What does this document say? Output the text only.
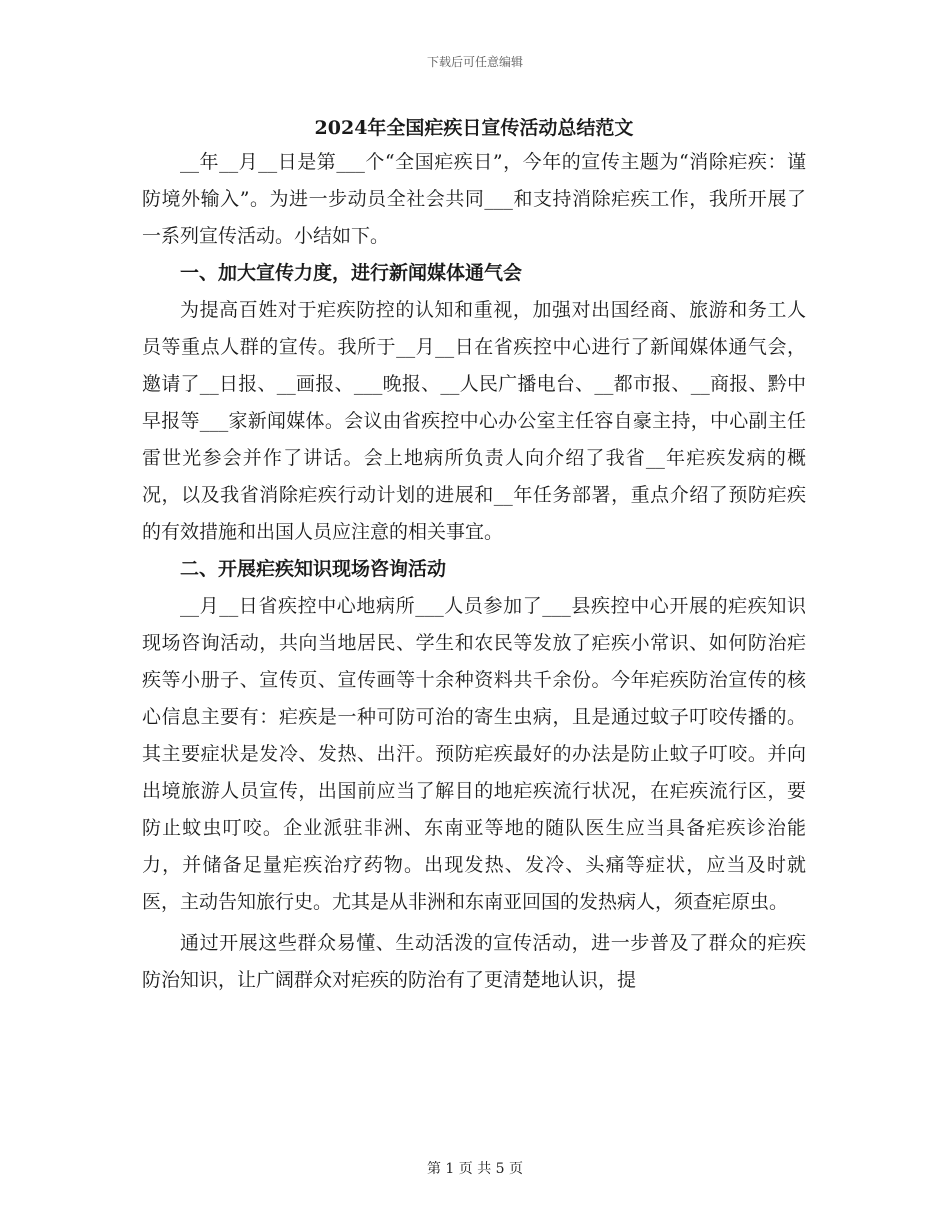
下载后可任意编辑
2024年全国疟疾日宣传活动总结范文

__年__月__日是第___个“全国疟疾日”，今年的宣传主题为“消除疟疾：谨防境外输入”。为进一步动员全社会共同___和支持消除疟疾工作，我所开展了一系列宣传活动。小结如下。

一、加大宣传力度，进行新闻媒体通气会

为提高百姓对于疟疾防控的认知和重视，加强对出国经商、旅游和务工人员等重点人群的宣传。我所于__月__日在省疾控中心进行了新闻媒体通气会，邀请了__日报、__画报、___晚报、__人民广播电台、__都市报、__商报、黔中早报等___家新闻媒体。会议由省疾控中心办公室主任容自豪主持，中心副主任雷世光参会并作了讲话。会上地病所负责人向介绍了我省__年疟疾发病的概况，以及我省消除疟疾行动计划的进展和__年任务部署，重点介绍了预防疟疾的有效措施和出国人员应注意的相关事宜。

二、开展疟疾知识现场咨询活动

__月__日省疾控中心地病所___人员参加了___县疾控中心开展的疟疾知识现场咨询活动，共向当地居民、学生和农民等发放了疟疾小常识、如何防治疟疾等小册子、宣传页、宣传画等十余种资料共千余份。今年疟疾防治宣传的核心信息主要有：疟疾是一种可防可治的寄生虫病，且是通过蚊子叮咬传播的。其主要症状是发冷、发热、出汗。预防疟疾最好的办法是防止蚊子叮咬。并向出境旅游人员宣传，出国前应当了解目的地疟疾流行状况，在疟疾流行区，要防止蚊虫叮咬。企业派驻非洲、东南亚等地的随队医生应当具备疟疾诊治能力，并储备足量疟疾治疗药物。出现发热、发冷、头痛等症状，应当及时就医，主动告知旅行史。尤其是从非洲和东南亚回国的发热病人，须查疟原虫。

通过开展这些群众易懂、生动活泼的宣传活动，进一步普及了群众的疟疾防治知识，让广阔群众对疟疾的防治有了更清楚地认识，提

第 1 页 共 5 页
